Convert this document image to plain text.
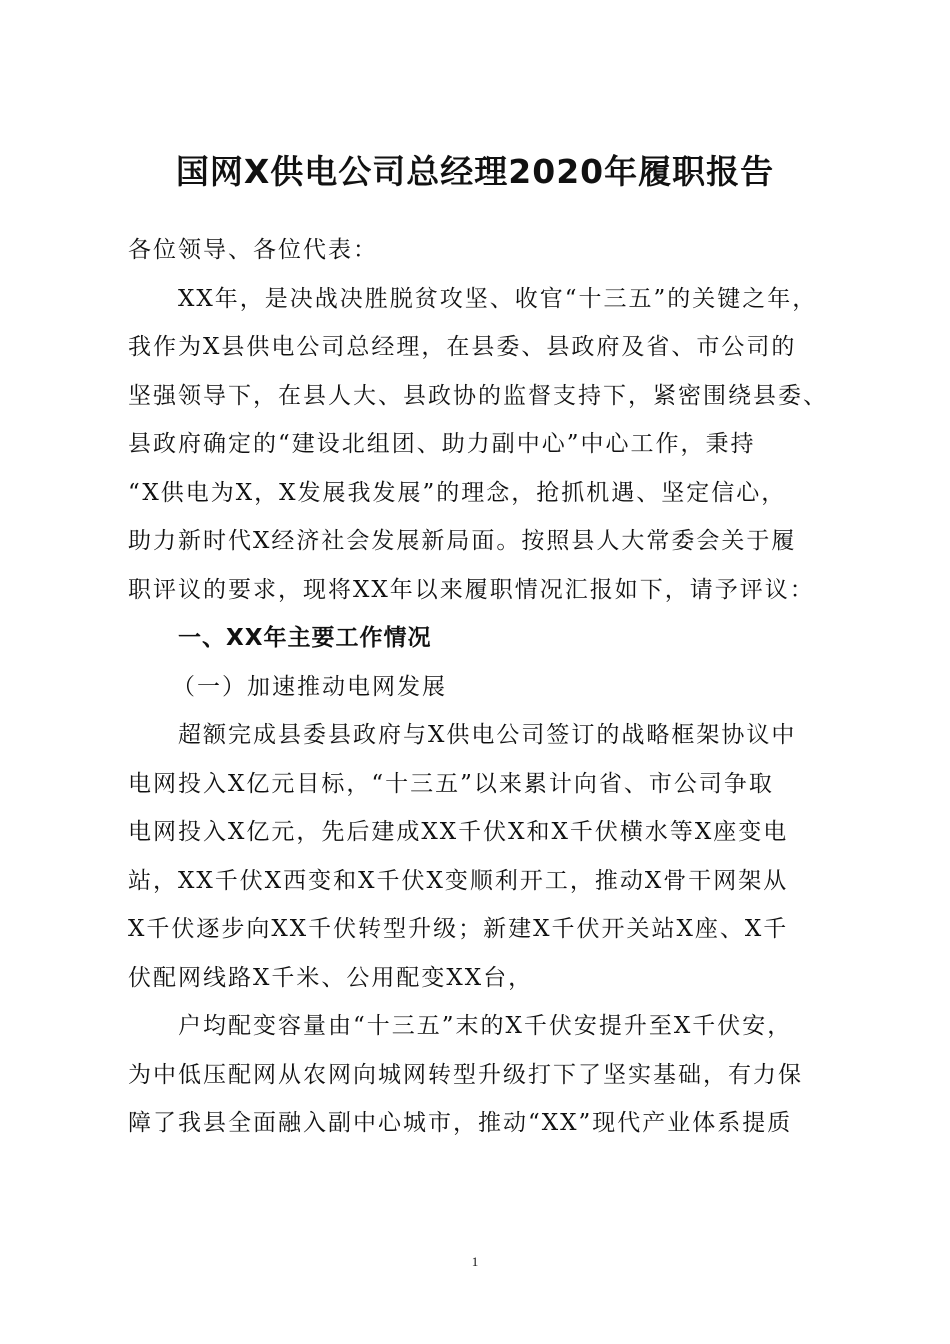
国网X供电公司总经理2020年履职报告
各位领导、各位代表：
XX年，是决战决胜脱贫攻坚、收官“十三五”的关键之年，
我作为X县供电公司总经理，在县委、县政府及省、市公司的
坚强领导下，在县人大、县政协的监督支持下，紧密围绕县委、
县政府确定的“建设北组团、助力副中心”中心工作，秉持
“X供电为X，X发展我发展”的理念，抢抓机遇、坚定信心，
助力新时代X经济社会发展新局面。按照县人大常委会关于履
职评议的要求，现将XX年以来履职情况汇报如下，请予评议：
一、XX年主要工作情况
（一）加速推动电网发展
超额完成县委县政府与X供电公司签订的战略框架协议中
电网投入X亿元目标，“十三五”以来累计向省、市公司争取
电网投入X亿元，先后建成XX千伏X和X千伏横水等X座变电
站，XX千伏X西变和X千伏X变顺利开工，推动X骨干网架从
X千伏逐步向XX千伏转型升级；新建X千伏开关站X座、X千
伏配网线路X千米、公用配变XX台，
户均配变容量由“十三五”末的X千伏安提升至X千伏安，
为中低压配网从农网向城网转型升级打下了坚实基础，有力保
障了我县全面融入副中心城市，推动“XX”现代产业体系提质
1
